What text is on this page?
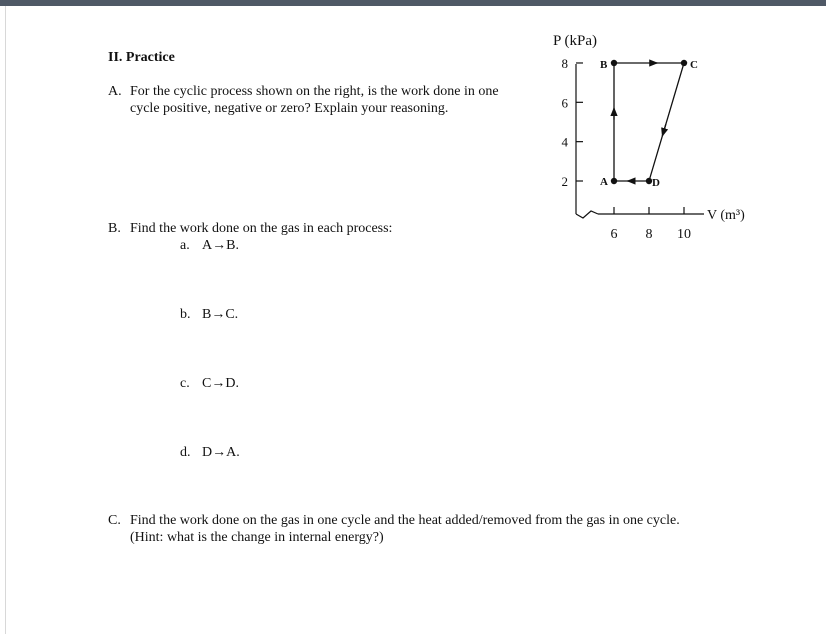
II. Practice
A. For the cyclic process shown on the right, is the work done in one
cycle positive, negative or zero? Explain your reasoning.
B. Find the work done on the gas in each process:
a. A→B.
b. B→C.
c. C→D.
d. D→A.
C. Find the work done on the gas in one cycle and the heat added/removed from the gas in one cycle.
(Hint: what is the change in internal energy?)
2
4
6
8
6 8 10
P (kPa)
V (m³)
A
B	C
D
